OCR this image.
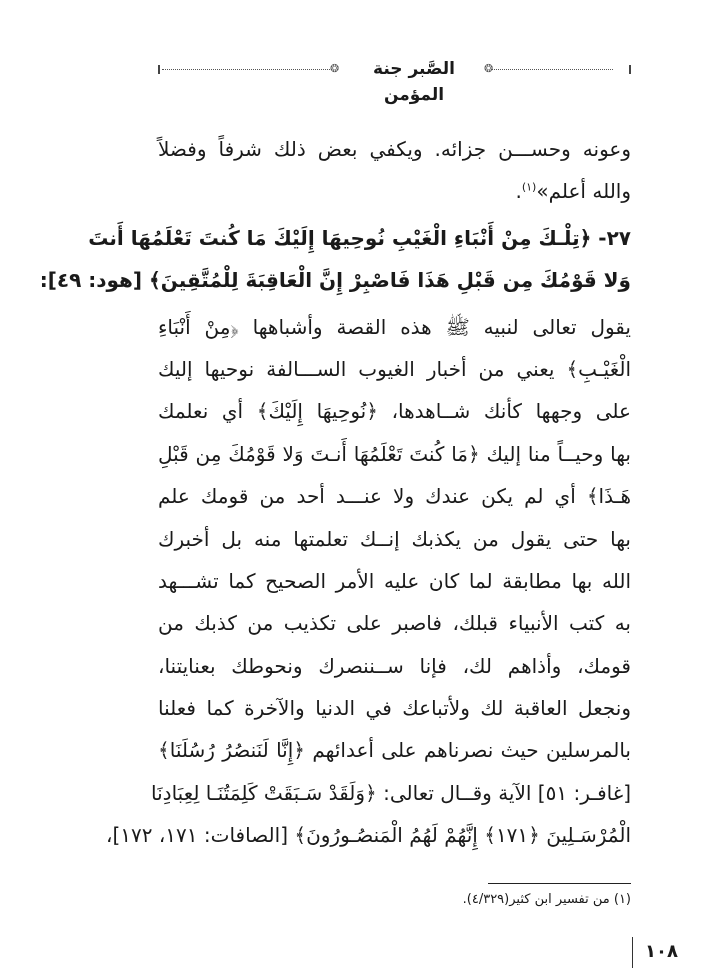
❂
الصَّبر جنة المؤمن
❂
وعونه وحســـن جزائه. ويكفي بعض ذلك شرفاً وفضلاً
والله أعلم»$^{(١)}$.
٢٧- ﴿تِلْـكَ مِنْ أَنْبَاءِ الْغَيْبِ نُوحِيهَا إِلَيْكَ مَا كُنتَ تَعْلَمُهَا أَنتَ
وَلا قَوْمُكَ مِن قَبْلِ هَذَا فَاصْبِرْ إِنَّ الْعَاقِبَةَ لِلْمُتَّقِينَ﴾ [هود: ٤٩]:
يقول تعالى لنبيه ﷺ هذه القصة وأشباهها ﴿مِنْ أَنْبَاءِ
الْغَيْـبِ﴾ يعني من أخبار الغيوب الســـالفة نوحيها إليك
على وجهها كأنك شــاهدها، ﴿نُوحِيهَا إِلَيْكَ﴾ أي نعلمك
بها وحيــاً منا إليك ﴿مَا كُنتَ تَعْلَمُهَا أَنـتَ وَلا قَوْمُكَ مِن قَبْلِ
هَـذَا﴾ أي لم يكن عندك ولا عنـــد أحد من قومك علم
بها حتى يقول من يكذبك إنــك تعلمتها منه بل أخبرك
الله بها مطابقة لما كان عليه الأمر الصحيح كما تشـــهد
به كتب الأنبياء قبلك، فاصبر على تكذيب من كذبك من
قومك، وأذاهم لك، فإنا ســننصرك ونحوطك بعنايتنا،
ونجعل العاقبة لك ولأتباعك في الدنيا والآخرة كما فعلنا
بالمرسلين حيث نصرناهم على أعدائهم ﴿إِنَّا لَنَنصُرُ رُسُلَنَا﴾
[غافـر: ٥١] الآية وقــال تعالى: ﴿وَلَقَدْ سَـبَقَتْ كَلِمَتُنَـا لِعِبَادِنَا
الْمُرْسَـلِينَ ﴿١٧١﴾ إِنَّهُمْ لَهُمُ الْمَنصُـورُونَ﴾ [الصافات: ١٧١، ١٧٢]،
(١) من تفسير ابن كثير(٤/٣٢٩).
١٠٨
